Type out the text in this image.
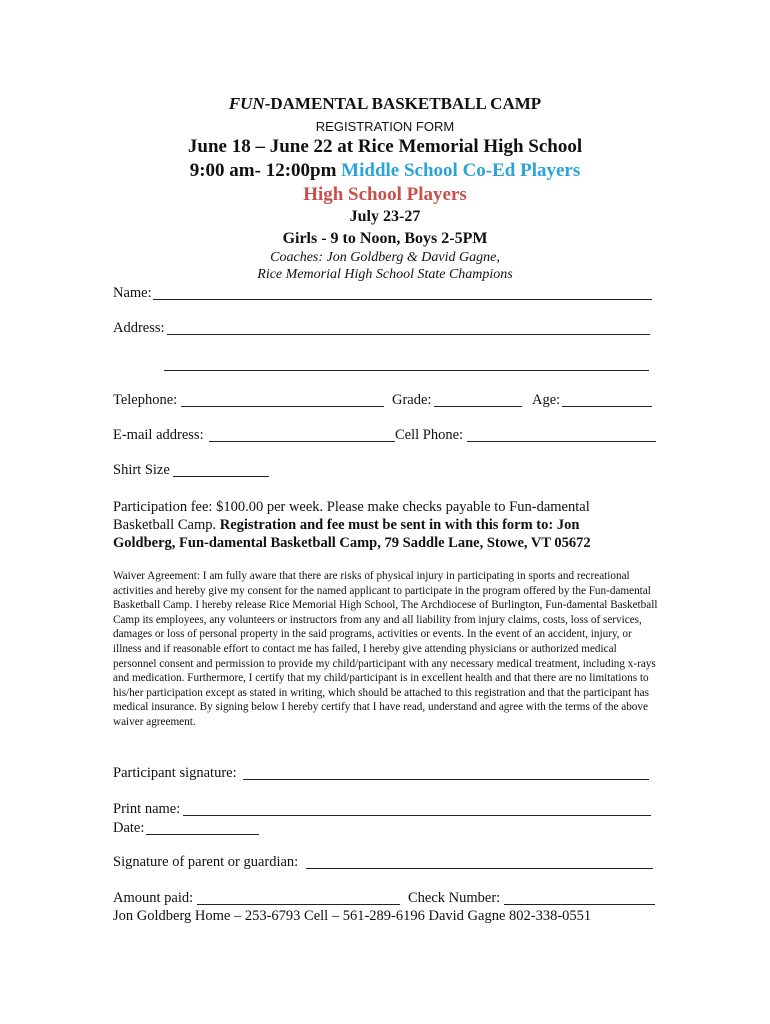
FUN-DAMENTAL BASKETBALL CAMP
REGISTRATION FORM
June 18 – June 22 at Rice Memorial High School
9:00 am- 12:00pm Middle School Co-Ed Players
High School Players
July 23-27
Girls - 9 to Noon, Boys 2-5PM
Coaches: Jon Goldberg & David Gagne,
Rice Memorial High School State Champions
Name:
Address:
Telephone:	Grade:	Age:
E-mail address:	Cell Phone:
Shirt Size
Participation fee: $100.00 per week. Please make checks payable to Fun-damental Basketball Camp. Registration and fee must be sent in with this form to: Jon Goldberg, Fun-damental Basketball Camp, 79 Saddle Lane, Stowe, VT 05672
Waiver Agreement: I am fully aware that there are risks of physical injury in participating in sports and recreational activities and hereby give my consent for the named applicant to participate in the program offered by the Fun-damental Basketball Camp. I hereby release Rice Memorial High School, The Archdiocese of Burlington, Fun-damental Basketball Camp its employees, any volunteers or instructors from any and all liability from injury claims, costs, loss of services, damages or loss of personal property in the said programs, activities or events. In the event of an accident, injury, or illness and if reasonable effort to contact me has failed, I hereby give attending physicians or authorized medical personnel consent and permission to provide my child/participant with any necessary medical treatment, including x-rays and medication. Furthermore, I certify that my child/participant is in excellent health and that there are no limitations to his/her participation except as stated in writing, which should be attached to this registration and that the participant has medical insurance. By signing below I hereby certify that I have read, understand and agree with the terms of the above waiver agreement.
Participant signature:
Print name:
Date:
Signature of parent or guardian:
Amount paid:	Check Number:
Jon Goldberg Home – 253-6793 Cell – 561-289-6196 David Gagne 802-338-0551
